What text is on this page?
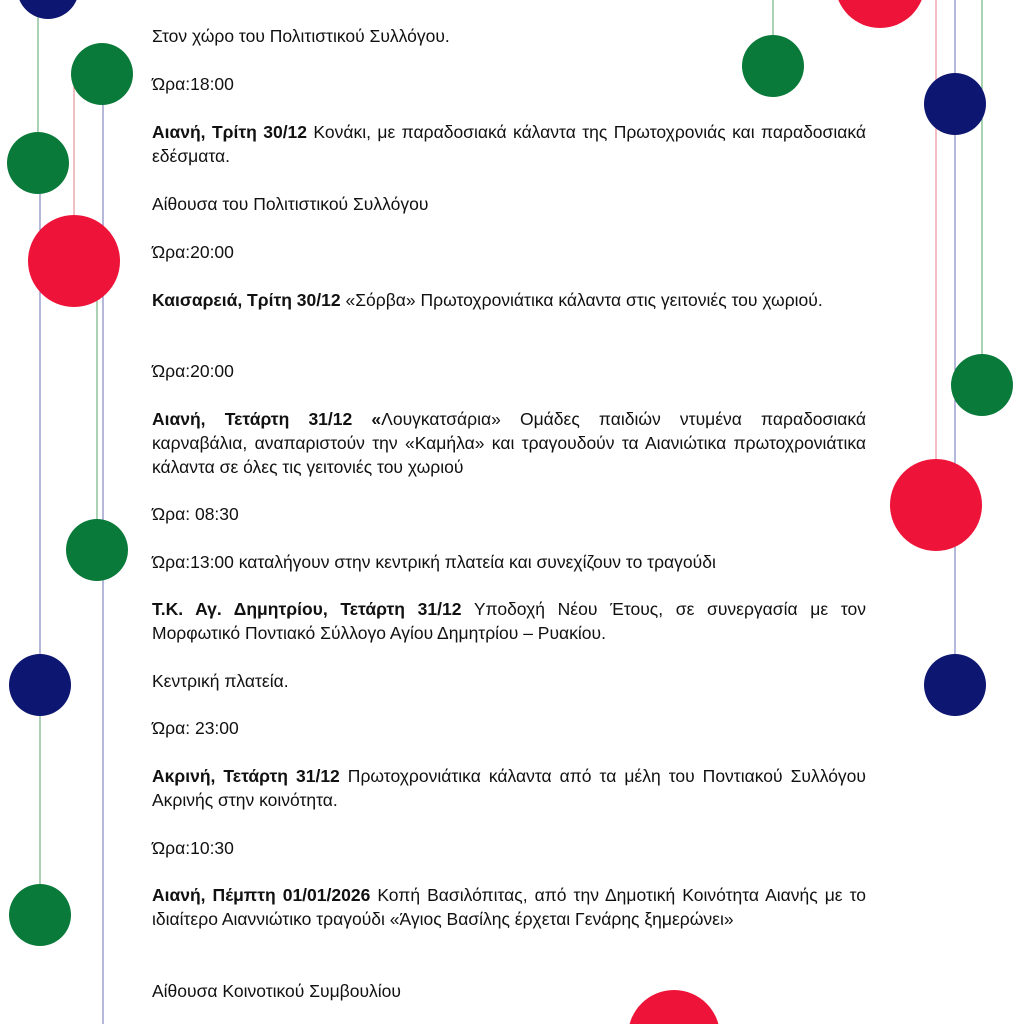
Στον χώρο του Πολιτιστικού Συλλόγου.

Ώρα:18:00

Αιανή, Τρίτη 30/12 Κονάκι, με παραδοσιακά κάλαντα της Πρωτοχρονιάς και παραδοσιακά εδέσματα.

Αίθουσα του Πολιτιστικού Συλλόγου

Ώρα:20:00

Καισαρειά, Τρίτη 30/12 «Σόρβα» Πρωτοχρονιάτικα κάλαντα στις γειτονιές του χωριού.

Ώρα:20:00

Αιανή, Τετάρτη 31/12 «Λουγκατσάρια» Ομάδες παιδιών ντυμένα παραδοσιακά καρναβάλια, αναπαριστούν την «Καμήλα» και τραγουδούν τα Αιανιώτικα πρωτοχρονιάτικα κάλαντα σε όλες τις γειτονιές του χωριού

Ώρα: 08:30

Ώρα:13:00 καταλήγουν στην κεντρική πλατεία και συνεχίζουν το τραγούδι

Τ.Κ. Αγ. Δημητρίου, Τετάρτη 31/12 Υποδοχή Νέου Έτους, σε συνεργασία με τον Μορφωτικό Ποντιακό Σύλλογο Αγίου Δημητρίου – Ρυακίου.

Κεντρική πλατεία.

Ώρα: 23:00

Ακρινή, Τετάρτη 31/12 Πρωτοχρονιάτικα κάλαντα από τα μέλη του Ποντιακού Συλλόγου Ακρινής στην κοινότητα.

Ώρα:10:30

Αιανή, Πέμπτη 01/01/2026 Κοπή Βασιλόπιτας, από την Δημοτική Κοινότητα Αιανής με το ιδιαίτερο Αιαννιώτικο τραγούδι «Άγιος Βασίλης έρχεται Γενάρης ξημερώνει»

Αίθουσα Κοινοτικού Συμβουλίου
